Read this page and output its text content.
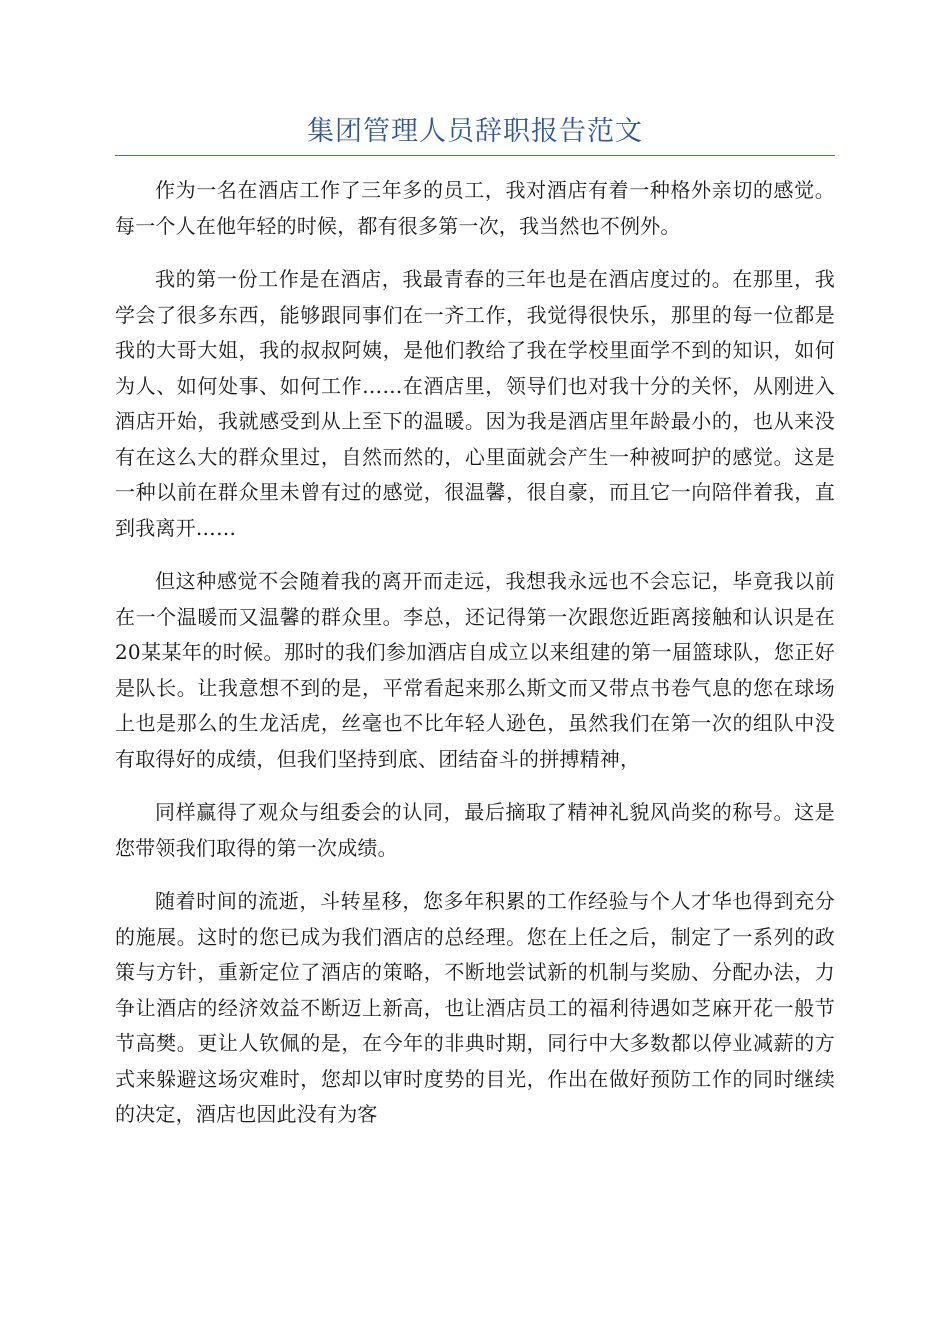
集团管理人员辞职报告范文

作为一名在酒店工作了三年多的员工，我对酒店有着一种格外亲切的感觉。每一个人在他年轻的时候，都有很多第一次，我当然也不例外。

我的第一份工作是在酒店，我最青春的三年也是在酒店度过的。在那里，我学会了很多东西，能够跟同事们在一齐工作，我觉得很快乐，那里的每一位都是我的大哥大姐，我的叔叔阿姨，是他们教给了我在学校里面学不到的知识，如何为人、如何处事、如何工作……在酒店里，领导们也对我十分的关怀，从刚进入酒店开始，我就感受到从上至下的温暖。因为我是酒店里年龄最小的，也从来没有在这么大的群众里过，自然而然的，心里面就会产生一种被呵护的感觉。这是一种以前在群众里未曾有过的感觉，很温馨，很自豪，而且它一向陪伴着我，直到我离开……

但这种感觉不会随着我的离开而走远，我想我永远也不会忘记，毕竟我以前在一个温暖而又温馨的群众里。李总，还记得第一次跟您近距离接触和认识是在20某某年的时候。那时的我们参加酒店自成立以来组建的第一届篮球队，您正好是队长。让我意想不到的是，平常看起来那么斯文而又带点书卷气息的您在球场上也是那么的生龙活虎，丝毫也不比年轻人逊色，虽然我们在第一次的组队中没有取得好的成绩，但我们坚持到底、团结奋斗的拼搏精神，

同样赢得了观众与组委会的认同，最后摘取了精神礼貌风尚奖的称号。这是您带领我们取得的第一次成绩。

随着时间的流逝，斗转星移，您多年积累的工作经验与个人才华也得到充分的施展。这时的您已成为我们酒店的总经理。您在上任之后，制定了一系列的政策与方针，重新定位了酒店的策略，不断地尝试新的机制与奖励、分配办法，力争让酒店的经济效益不断迈上新高，也让酒店员工的福利待遇如芝麻开花一般节节高樊。更让人钦佩的是，在今年的非典时期，同行中大多数都以停业减薪的方式来躲避这场灾难时，您却以审时度势的目光，作出在做好预防工作的同时继续的决定，酒店也因此没有为客
